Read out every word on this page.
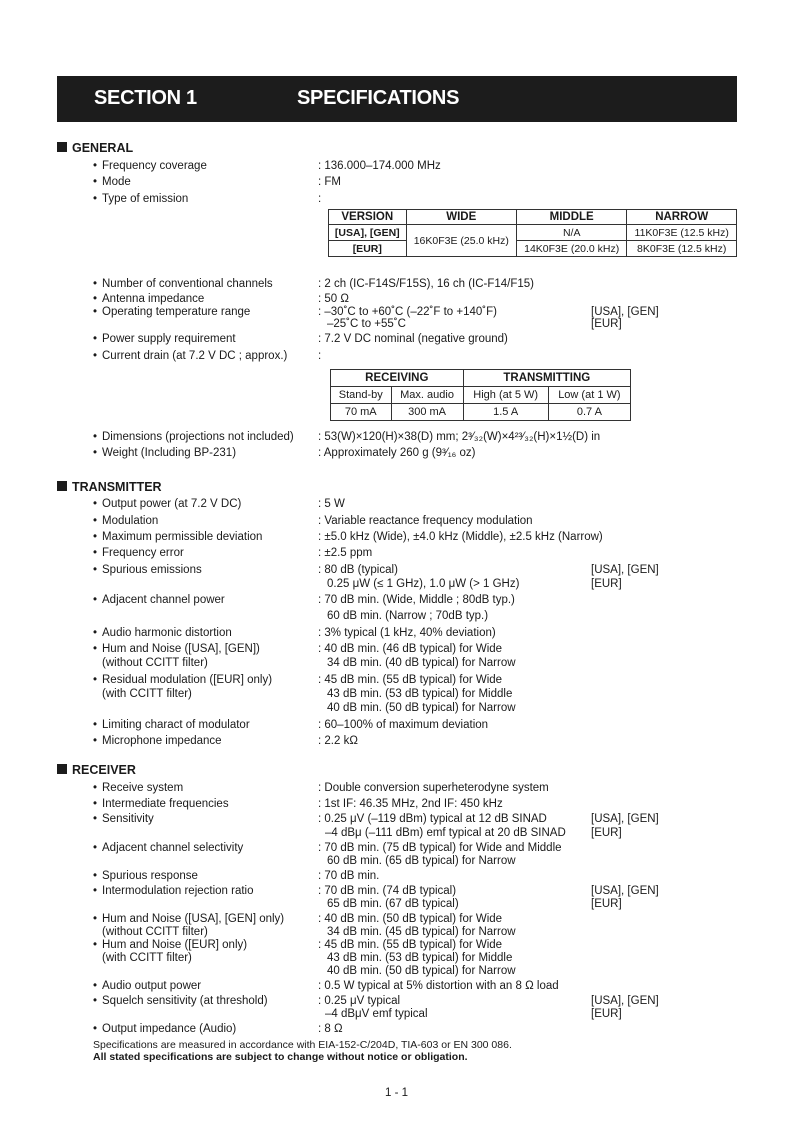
SECTION 1	SPECIFICATIONS
GENERAL
• Frequency coverage	: 136.000–174.000 MHz
• Mode	: FM
• Type of emission	:
VERSION	WIDE	MIDDLE	NARROW
[USA], [GEN]	16K0F3E (25.0 kHz)	N/A	11K0F3E (12.5 kHz)
[EUR]		14K0F3E (20.0 kHz)	8K0F3E (12.5 kHz)
• Number of conventional channels	: 2 ch (IC-F14S/F15S), 16 ch (IC-F14/F15)
• Antenna impedance	: 50 Ω
• Operating temperature range	: –30˚C to +60˚C (–22˚F to +140˚F)
–25˚C to +55˚C
[USA], [GEN]
[EUR]
• Power supply requirement	: 7.2 V DC nominal (negative ground)
• Current drain (at 7.2 V DC ; approx.)	:
RECEIVING		TRANSMITTING	
Stand-by	Max. audio	High (at 5 W)	Low (at 1 W)
70 mA	300 mA	1.5 A	0.7 A
• Dimensions (projections not included) : 53(W)×120(H)×38(D) mm; 2³⁄₃₂(W)×4²³⁄₃₂(H)×1½(D) in
• Weight (Including BP-231)	: Approximately 260 g (9³⁄₁₆ oz)
TRANSMITTER
• Output power (at 7.2 V DC)	: 5 W
• Modulation	: Variable reactance frequency modulation
• Maximum permissible deviation	: ±5.0 kHz (Wide), ±4.0 kHz (Middle), ±2.5 kHz (Narrow)
• Frequency error	: ±2.5 ppm
• Spurious emissions	: 80 dB (typical)
0.25 μW (≤ 1 GHz), 1.0 μW (> 1 GHz)
[USA], [GEN]
[EUR]
• Adjacent channel power	: 70 dB min. (Wide, Middle ; 80dB typ.)
60 dB min. (Narrow ; 70dB typ.)
• Audio harmonic distortion	: 3% typical (1 kHz, 40% deviation)
• Hum and Noise ([USA], [GEN])
(without CCITT filter)
: 40 dB min. (46 dB typical) for Wide
34 dB min. (40 dB typical) for Narrow
• Residual modulation ([EUR] only)
(with CCITT filter)
: 45 dB min. (55 dB typical) for Wide
43 dB min. (53 dB typical) for Middle
40 dB min. (50 dB typical) for Narrow
• Limiting charact of modulator	: 60–100% of maximum deviation
• Microphone impedance	: 2.2 kΩ
RECEIVER
• Receive system	: Double conversion superheterodyne system
• Intermediate frequencies	: 1st IF: 46.35 MHz, 2nd IF: 450 kHz
• Sensitivity	: 0.25 μV (–119 dBm) typical at 12 dB SINAD
–4 dBμ (–111 dBm) emf typical at 20 dB SINAD
[USA], [GEN]
[EUR]
• Adjacent channel selectivity	: 70 dB min. (75 dB typical) for Wide and Middle
60 dB min. (65 dB typical) for Narrow
• Spurious response	: 70 dB min.
• Intermodulation rejection ratio	: 70 dB min. (74 dB typical)
65 dB min. (67 dB typical)
[USA], [GEN]
[EUR]
• Hum and Noise ([USA], [GEN] only)
(without CCITT filter)
: 40 dB min. (50 dB typical) for Wide
34 dB min. (45 dB typical) for Narrow
• Hum and Noise ([EUR] only)
(with CCITT filter)
: 45 dB min. (55 dB typical) for Wide
43 dB min. (53 dB typical) for Middle
40 dB min. (50 dB typical) for Narrow
• Audio output power	: 0.5 W typical at 5% distortion with an 8 Ω load
• Squelch sensitivity (at threshold)	: 0.25 μV typical
–4 dBμV emf typical
[USA], [GEN]
[EUR]
• Output impedance (Audio)	: 8 Ω
Specifications are measured in accordance with EIA-152-C/204D, TIA-603 or EN 300 086.
All stated specifications are subject to change without notice or obligation.
1 - 1
